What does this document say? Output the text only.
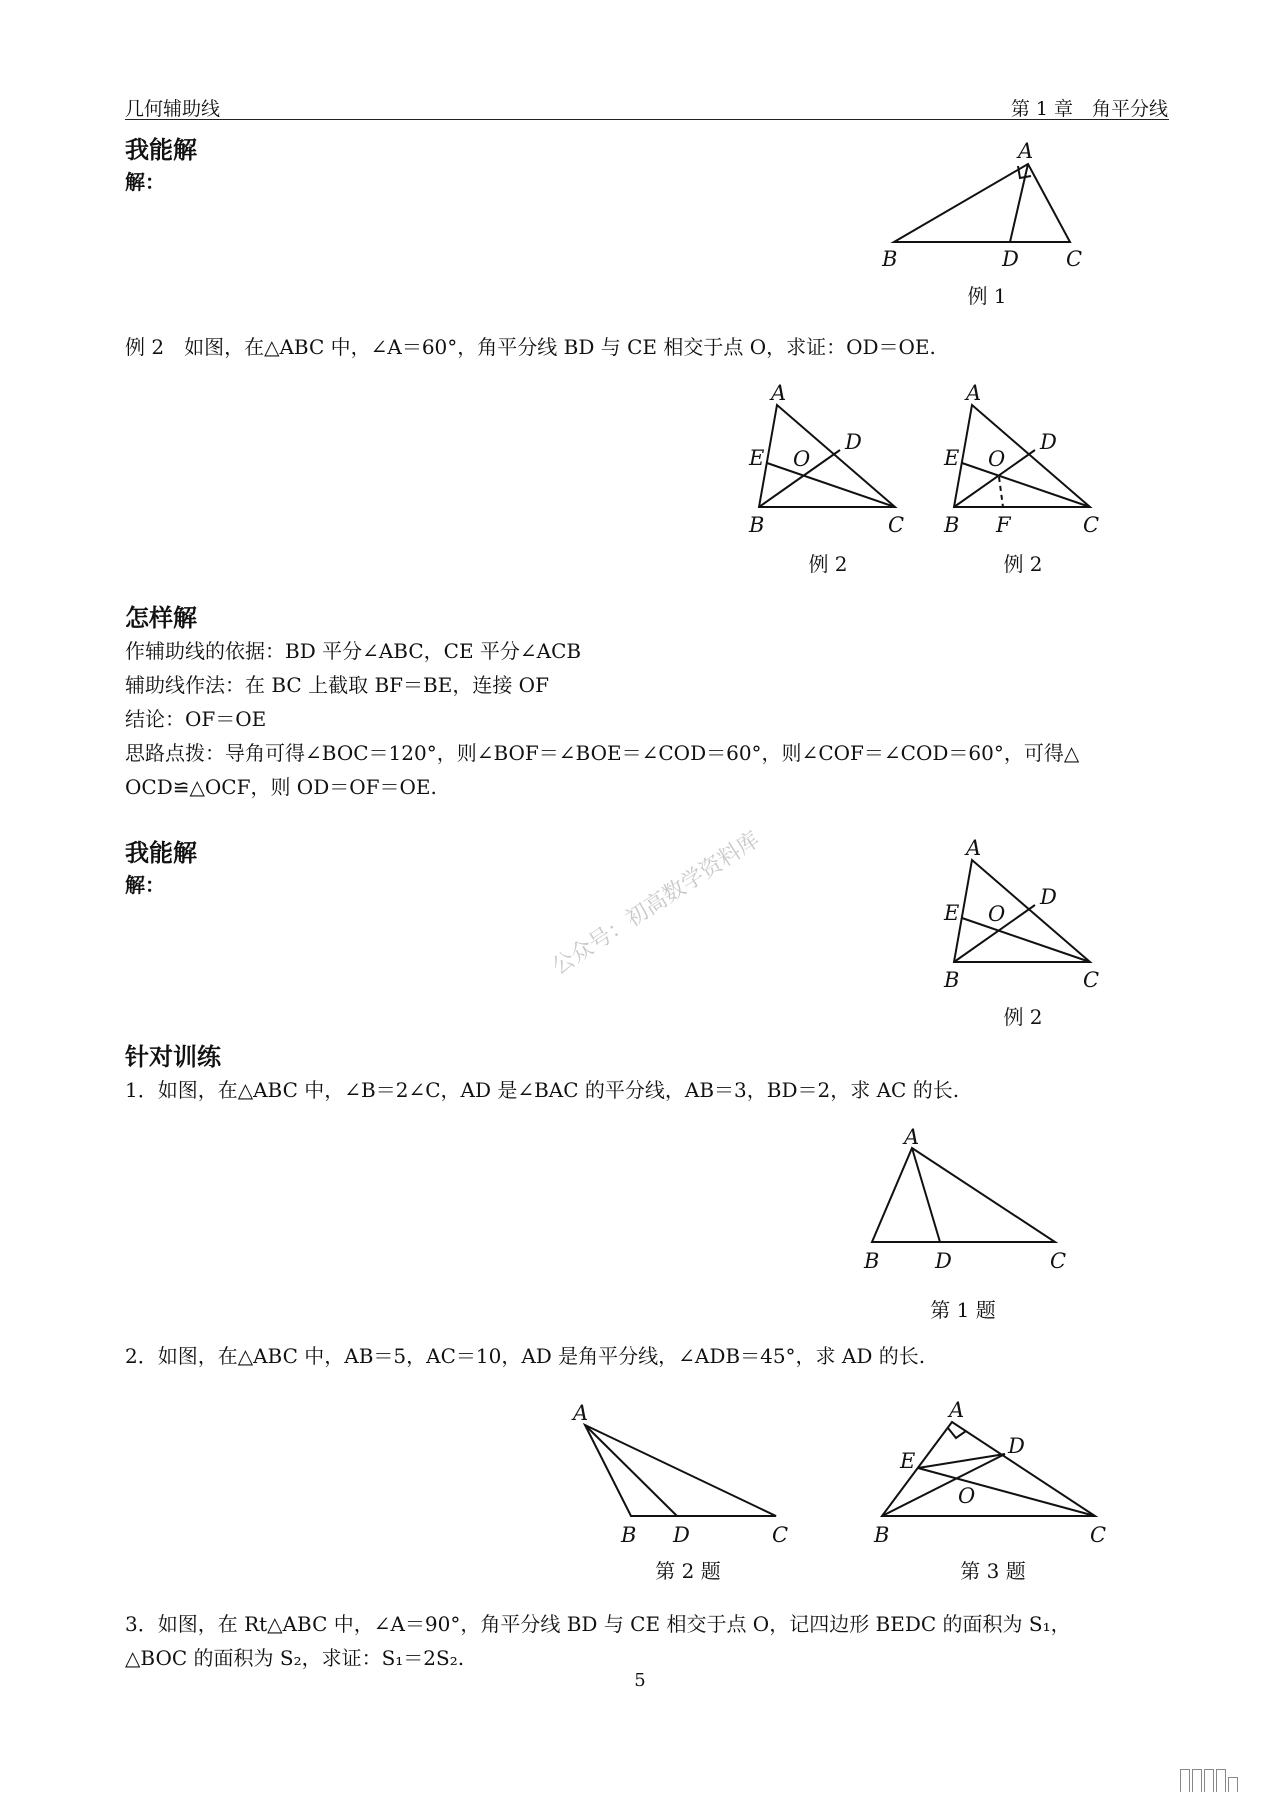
几何辅助线	第 1 章　角平分线
我能解
解：
A
B	D C
例 1
例 2　如图，在△ABC 中，∠A＝60°，角平分线 BD 与 CE 相交于点 O，求证：OD＝OE.
A
D
E O
B	C
例 2
A
D
E O
B F	C
例 2
怎样解
作辅助线的依据：BD 平分∠ABC，CE 平分∠ACB
辅助线作法：在 BC 上截取 BF＝BE，连接 OF
结论：OF＝OE
思路点拨：导角可得∠BOC＝120°，则∠BOF＝∠BOE＝∠COD＝60°，则∠COF＝∠COD＝60°，可得△
OCD≌△OCF，则 OD＝OF＝OE.
我能解
解：	公众号：初高数学资料库	A
D
E O
B	C
例 2
针对训练
1．如图，在△ABC 中，∠B＝2∠C，AD 是∠BAC 的平分线，AB＝3，BD＝2，求 AC 的长.
A
B	D	C
第 1 题
2．如图，在△ABC 中，AB＝5，AC＝10，AD 是角平分线，∠ADB＝45°，求 AD 的长.
A
B D	C
第 2 题
A
D
E
O
B	C
第 3 题
3．如图，在 Rt△ABC 中，∠A＝90°，角平分线 BD 与 CE 相交于点 O，记四边形 BEDC 的面积为 S₁，
△BOC 的面积为 S₂，求证：S₁＝2S₂.
5
